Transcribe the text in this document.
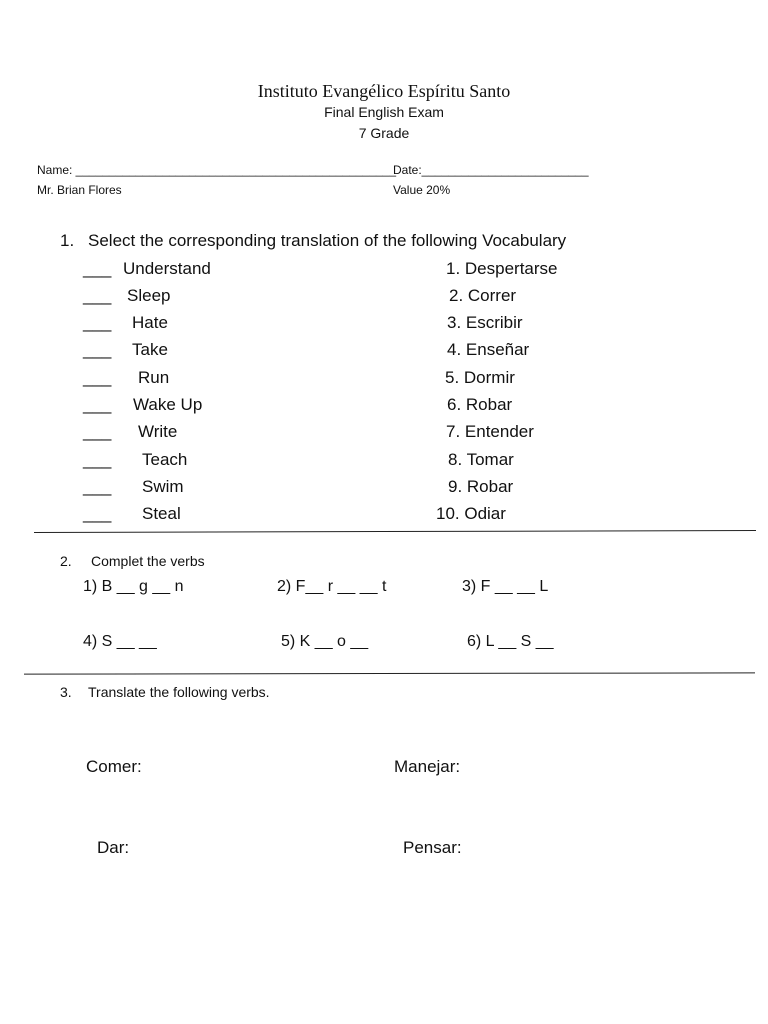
Instituto Evangélico Espíritu Santo
Final English Exam
7 Grade
Name: ________________________________________________
Date:_________________________
Mr. Brian Flores	Value 20%
1. Select the corresponding translation of the following Vocabulary
___ Understand	1. Despertarse
___ Sleep	2. Correr
___ Hate	3. Escribir
___ Take	4. Enseñar
___ Run	5. Dormir
___ Wake Up	6. Robar
___ Write	7. Entender
___ Teach	8. Tomar
___ Swim	9. Robar
___ Steal	10. Odiar
2. Complet the verbs
1) B __ g __ n	2) F__ r __ __ t	3) F __ __ L
4) S __ __	5) K __ o __	6) L __ S __
3. Translate the following verbs.
Comer:	Manejar:
Dar:	Pensar:
